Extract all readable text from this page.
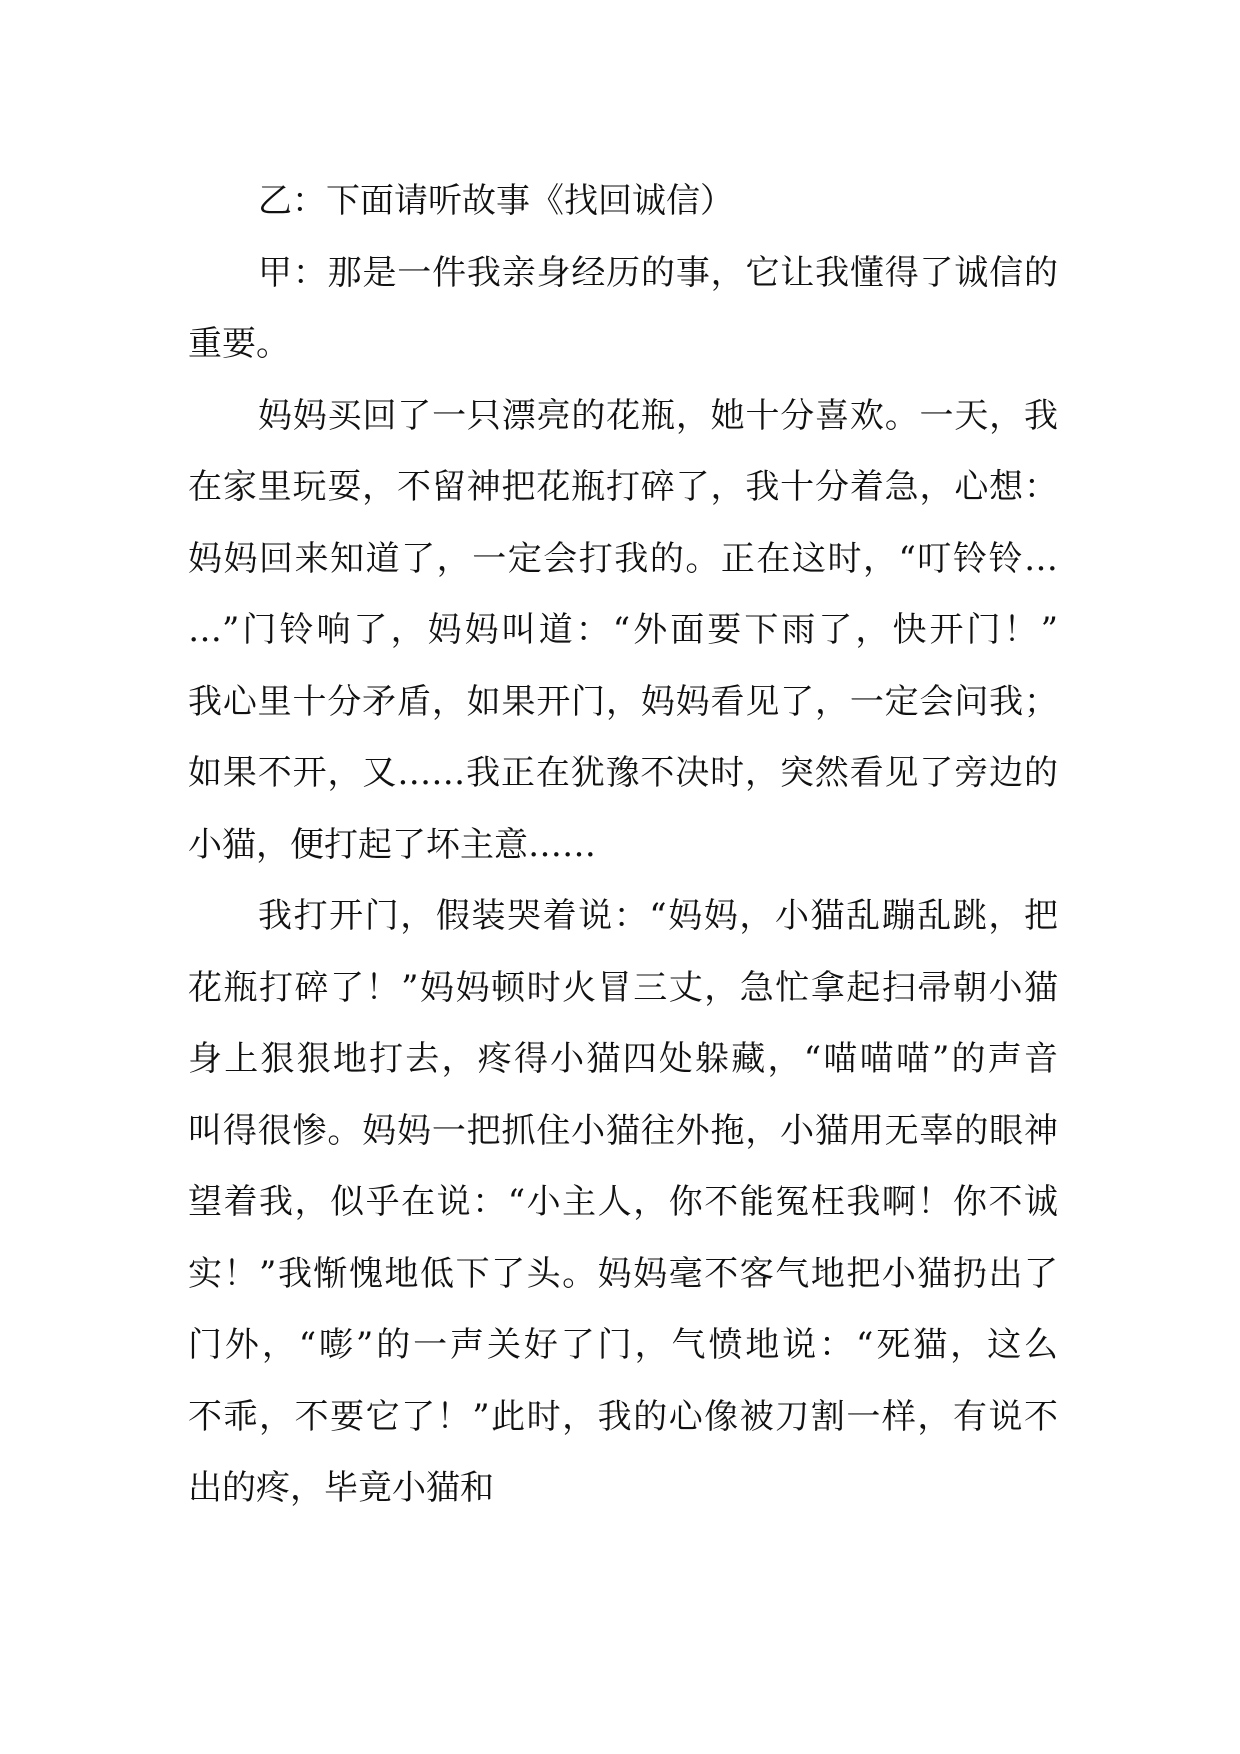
乙：下面请听故事《找回诚信）
甲：那是一件我亲身经历的事，它让我懂得了诚信的
重要。
妈妈买回了一只漂亮的花瓶，她十分喜欢。一天，我
在家里玩耍，不留神把花瓶打碎了，我十分着急，心想：
妈妈回来知道了，一定会打我的。正在这时，“叮铃铃…
…”门铃响了，妈妈叫道：“外面要下雨了，快开门！”
我心里十分矛盾，如果开门，妈妈看见了，一定会问我；
如果不开，又……我正在犹豫不决时，突然看见了旁边的
小猫，便打起了坏主意……
我打开门，假装哭着说：“妈妈，小猫乱蹦乱跳，把
花瓶打碎了！”妈妈顿时火冒三丈，急忙拿起扫帚朝小猫
身上狠狠地打去，疼得小猫四处躲藏，“喵喵喵”的声音
叫得很惨。妈妈一把抓住小猫往外拖，小猫用无辜的眼神
望着我，似乎在说：“小主人，你不能冤枉我啊！你不诚
实！”我惭愧地低下了头。妈妈毫不客气地把小猫扔出了
门外，“嘭”的一声关好了门，气愤地说：“死猫，这么
不乖，不要它了！”此时，我的心像被刀割一样，有说不
出的疼，毕竟小猫和
